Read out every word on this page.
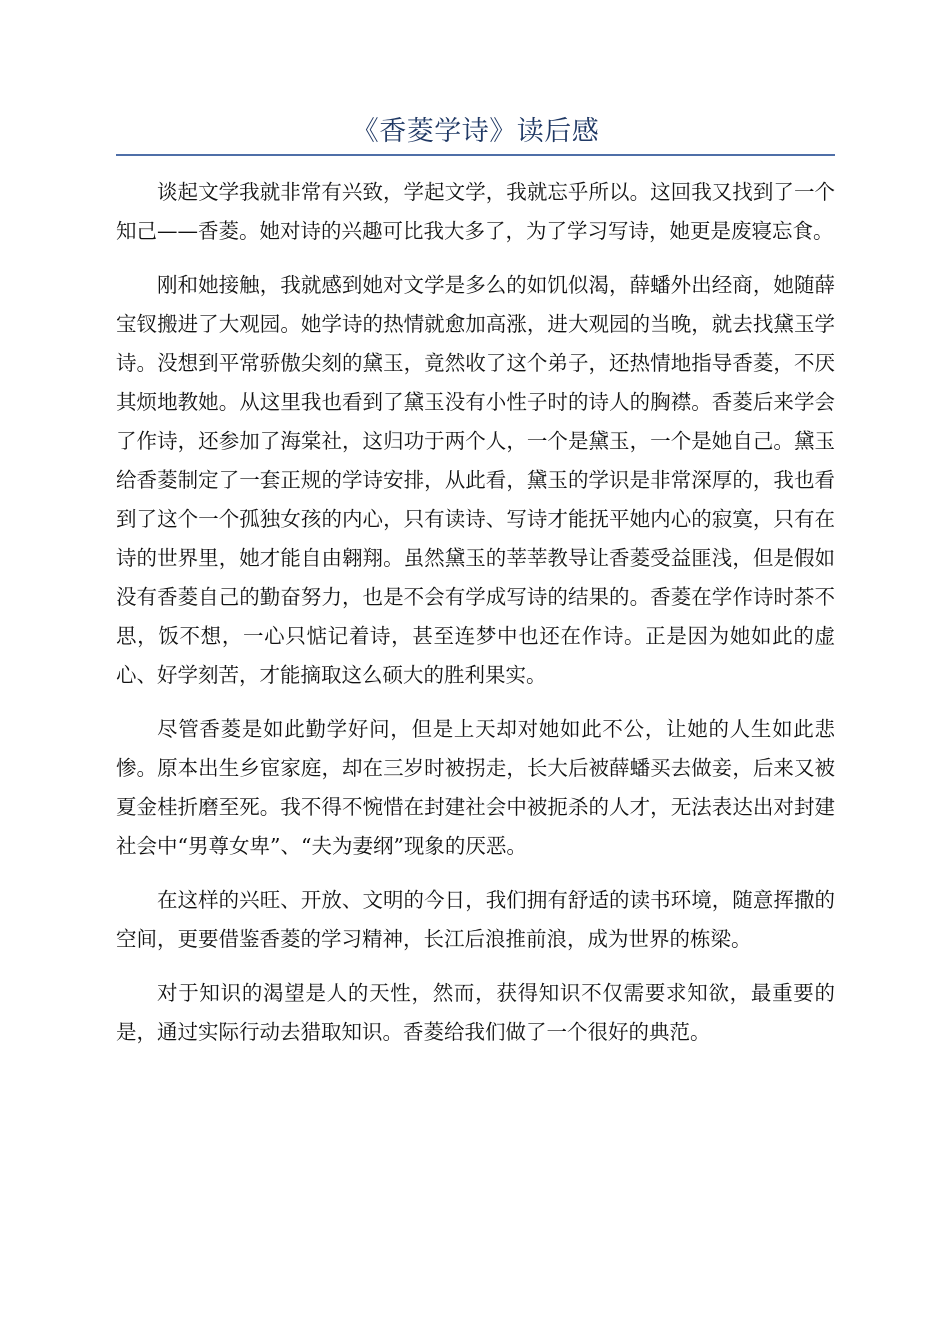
《香菱学诗》读后感

谈起文学我就非常有兴致，学起文学，我就忘乎所以。这回我又找到了一个知己——香菱。她对诗的兴趣可比我大多了，为了学习写诗，她更是废寝忘食。

刚和她接触，我就感到她对文学是多么的如饥似渴，薛蟠外出经商，她随薛宝钗搬进了大观园。她学诗的热情就愈加高涨，进大观园的当晚，就去找黛玉学诗。没想到平常骄傲尖刻的黛玉，竟然收了这个弟子，还热情地指导香菱，不厌其烦地教她。从这里我也看到了黛玉没有小性子时的诗人的胸襟。香菱后来学会了作诗，还参加了海棠社，这归功于两个人，一个是黛玉，一个是她自己。黛玉给香菱制定了一套正规的学诗安排，从此看，黛玉的学识是非常深厚的，我也看到了这个一个孤独女孩的内心，只有读诗、写诗才能抚平她内心的寂寞，只有在诗的世界里，她才能自由翱翔。虽然黛玉的莘莘教导让香菱受益匪浅，但是假如没有香菱自己的勤奋努力，也是不会有学成写诗的结果的。香菱在学作诗时茶不思，饭不想，一心只惦记着诗，甚至连梦中也还在作诗。正是因为她如此的虚心、好学刻苦，才能摘取这么硕大的胜利果实。

尽管香菱是如此勤学好问，但是上天却对她如此不公，让她的人生如此悲惨。原本出生乡宦家庭，却在三岁时被拐走，长大后被薛蟠买去做妾，后来又被夏金桂折磨至死。我不得不惋惜在封建社会中被扼杀的人才，无法表达出对封建社会中“男尊女卑”、“夫为妻纲”现象的厌恶。

在这样的兴旺、开放、文明的今日，我们拥有舒适的读书环境，随意挥撒的空间，更要借鉴香菱的学习精神，长江后浪推前浪，成为世界的栋梁。

对于知识的渴望是人的天性，然而，获得知识不仅需要求知欲，最重要的是，通过实际行动去猎取知识。香菱给我们做了一个很好的典范。
